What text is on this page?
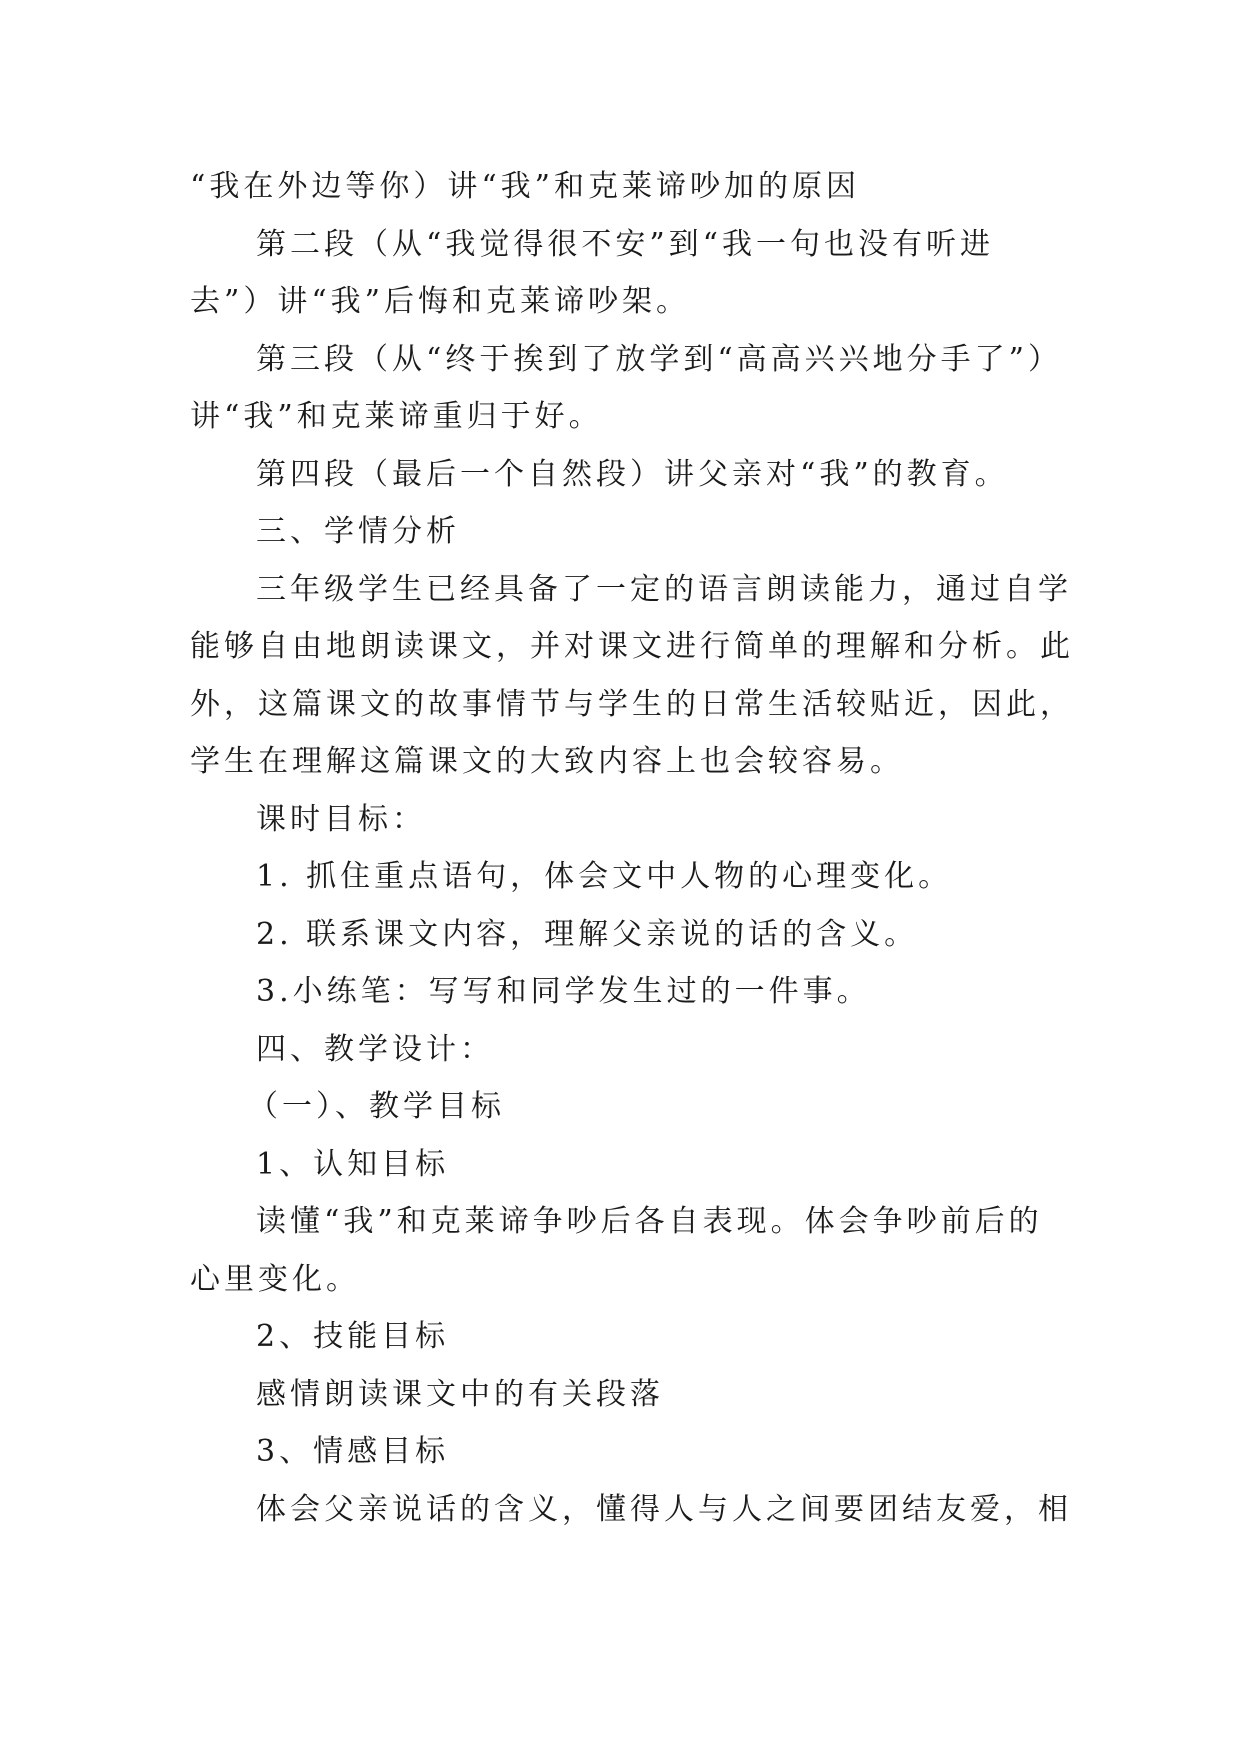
“我在外边等你）讲“我”和克莱谛吵加的原因

第二段（从“我觉得很不安”到“我一句也没有听进

去”）讲“我”后悔和克莱谛吵架。

第三段（从“终于挨到了放学到“高高兴兴地分手了”）

讲“我”和克莱谛重归于好。

第四段（最后一个自然段）讲父亲对“我”的教育。

三、学情分析

三年级学生已经具备了一定的语言朗读能力，通过自学

能够自由地朗读课文，并对课文进行简单的理解和分析。此

外，这篇课文的故事情节与学生的日常生活较贴近，因此，

学生在理解这篇课文的大致内容上也会较容易。

课时目标：

1. 抓住重点语句，体会文中人物的心理变化。

2. 联系课文内容，理解父亲说的话的含义。

3.小练笔：写写和同学发生过的一件事。

四、教学设计：

（一）、教学目标

1、认知目标

读懂“我”和克莱谛争吵后各自表现。体会争吵前后的

心里变化。

2、技能目标

感情朗读课文中的有关段落

3、情感目标

体会父亲说话的含义，懂得人与人之间要团结友爱，相
